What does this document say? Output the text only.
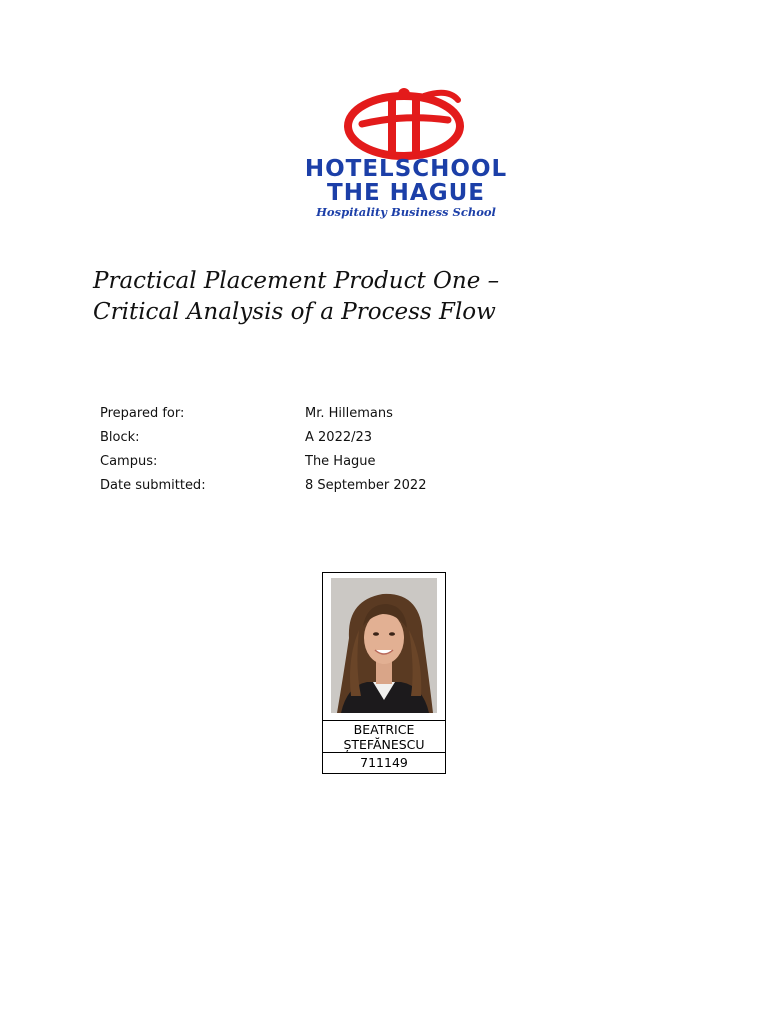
HOTELSCHOOL
THE HAGUE
Hospitality Business School
Practical Placement Product One –
Critical Analysis of a Process Flow
Prepared for:	Mr. Hillemans
Block:	A 2022/23
Campus:	The Hague
Date submitted:	8 September 2022
BEATRICE
ȘTEFĂNESCU
711149
